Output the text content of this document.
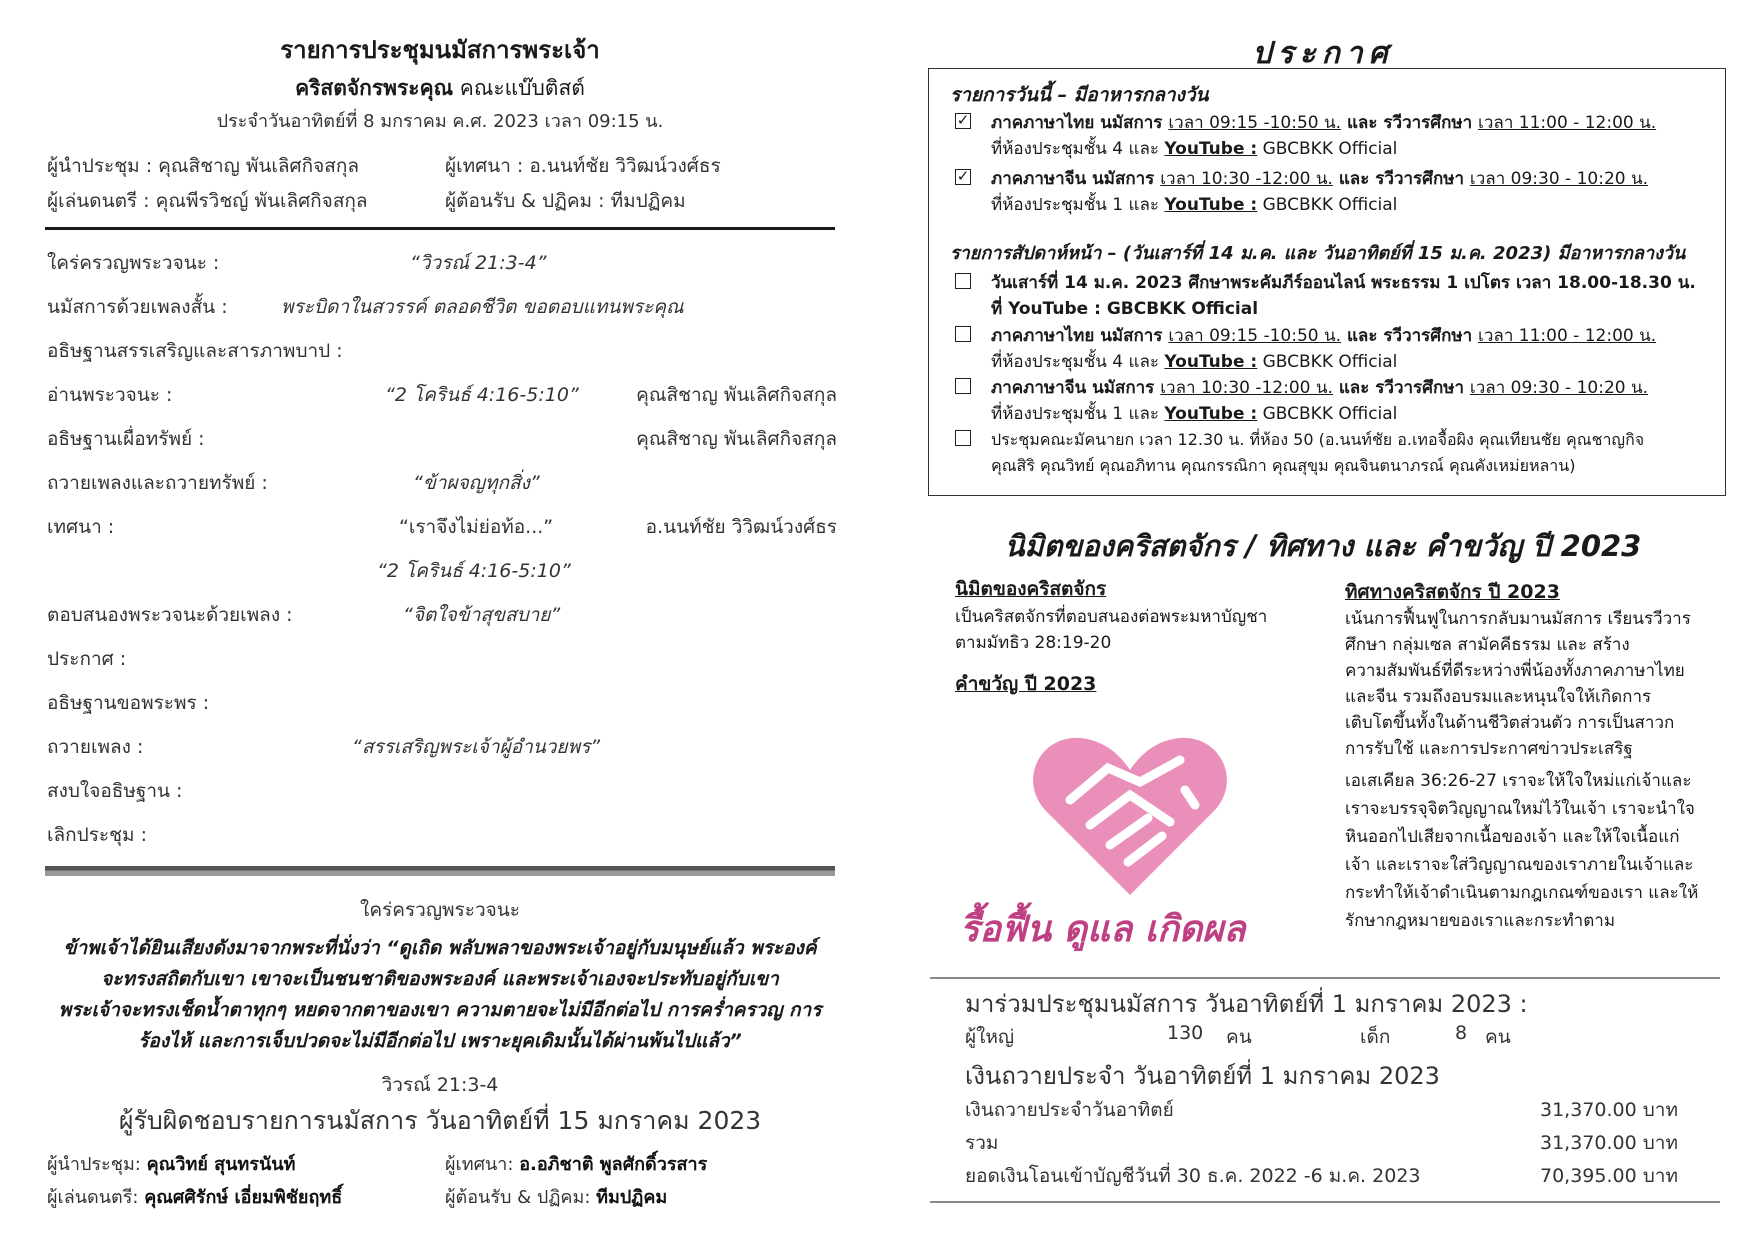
รายการประชุมนมัสการพระเจ้า
คริสตจักรพระคุณ คณะแบ๊บติสต์
ประจำวันอาทิตย์ที่ 8 มกราคม ค.ศ. 2023 เวลา 09:15 น.
ผู้นำประชุม : คุณสิชาญ พันเลิศกิจสกุล	ผู้เทศนา : อ.นนท์ชัย วิวิฒน์วงศ์ธร
ผู้เล่นดนตรี : คุณพีรวิชญ์ พันเลิศกิจสกุล	ผู้ต้อนรับ & ปฏิคม : ทีมปฏิคม
ใคร่ครวญพระวจนะ :	“วิวรณ์ 21:3-4”
นมัสการด้วยเพลงสั้น :	พระบิดาในสวรรค์ ตลอดชีวิต ขอตอบแทนพระคุณ
อธิษฐานสรรเสริญและสารภาพบาป :
อ่านพระวจนะ :	“2 โครินธ์ 4:16-5:10”	คุณสิชาญ พันเลิศกิจสกุล
อธิษฐานเผื่อทรัพย์ :	คุณสิชาญ พันเลิศกิจสกุล
ถวายเพลงและถวายทรัพย์ :	“ข้าผจญทุกสิ่ง”
เทศนา :	“เราจึงไม่ย่อท้อ...”	อ.นนท์ชัย วิวิฒน์วงศ์ธร
“2 โครินธ์ 4:16-5:10”
ตอบสนองพระวจนะด้วยเพลง :	“จิตใจข้าสุขสบาย”
ประกาศ :
อธิษฐานขอพระพร :
ถวายเพลง :	“สรรเสริญพระเจ้าผู้อำนวยพร”
สงบใจอธิษฐาน :
เลิกประชุม :
ใคร่ครวญพระวจนะ
ข้าพเจ้าได้ยินเสียงดังมาจากพระที่นั่งว่า “ดูเถิด พลับพลาของพระเจ้าอยู่กับมนุษย์แล้ว พระองค์
จะทรงสถิตกับเขา เขาจะเป็นชนชาติของพระองค์ และพระเจ้าเองจะประทับอยู่กับเขา
พระเจ้าจะทรงเช็ดน้ำตาทุกๆ หยดจากตาของเขา ความตายจะไม่มีอีกต่อไป การคร่ำครวญ การ
ร้องไห้ และการเจ็บปวดจะไม่มีอีกต่อไป เพราะยุคเดิมนั้นได้ผ่านพ้นไปแล้ว”
วิวรณ์ 21:3-4
ผู้รับผิดชอบรายการนมัสการ วันอาทิตย์ที่ 15 มกราคม 2023
ผู้นำประชุม: คุณวิทย์ สุนทรนันท์	ผู้เทศนา: อ.อภิชาติ พูลศักดิ์วรสาร
ผู้เล่นดนตรี: คุณศศิรักษ์ เอี่ยมพิชัยฤทธิ์	ผู้ต้อนรับ & ปฏิคม: ทีมปฏิคม
ประกาศ
รายการวันนี้ – มีอาหารกลางวัน
✓ ภาคภาษาไทย นมัสการ เวลา 09:15 -10:50 น. และ รวีวารศึกษา เวลา 11:00 - 12:00 น.
ที่ห้องประชุมชั้น 4 และ YouTube : GBCBKK Official
✓ ภาคภาษาจีน นมัสการ เวลา 10:30 -12:00 น. และ รวีวารศึกษา เวลา 09:30 - 10:20 น.
ที่ห้องประชุมชั้น 1 และ YouTube : GBCBKK Official
รายการสัปดาห์หน้า – (วันเสาร์ที่ 14 ม.ค. และ วันอาทิตย์ที่ 15 ม.ค. 2023) มีอาหารกลางวัน
วันเสาร์ที่ 14 ม.ค. 2023 ศึกษาพระคัมภีร์ออนไลน์ พระธรรม 1 เปโตร เวลา 18.00-18.30 น.
ที่ YouTube : GBCBKK Official
ภาคภาษาไทย นมัสการ เวลา 09:15 -10:50 น. และ รวีวารศึกษา เวลา 11:00 - 12:00 น.
ที่ห้องประชุมชั้น 4 และ YouTube : GBCBKK Official
ภาคภาษาจีน นมัสการ เวลา 10:30 -12:00 น. และ รวีวารศึกษา เวลา 09:30 - 10:20 น.
ที่ห้องประชุมชั้น 1 และ YouTube : GBCBKK Official
ประชุมคณะมัคนายก เวลา 12.30 น. ที่ห้อง 50 (อ.นนท์ชัย อ.เทอจื้อผิง คุณเทียนชัย คุณชาญกิจ
คุณสิริ คุณวิทย์ คุณอภิทาน คุณกรรณิกา คุณสุขุม คุณจินตนาภรณ์ คุณคังเหม่ยหลาน)
นิมิตของคริสตจักร / ทิศทาง และ คำขวัญ ปี 2023
นิมิตของคริสตจักร
เป็นคริสตจักรที่ตอบสนองต่อพระมหาบัญชา
ตามมัทธิว 28:19-20
คำขวัญ ปี 2023
รื้อฟื้น ดูแล เกิดผล
ทิศทางคริสตจักร ปี 2023
เน้นการฟื้นฟูในการกลับมานมัสการ เรียนรวีวาร
ศึกษา กลุ่มเซล สามัคคีธรรม และ สร้าง
ความสัมพันธ์ที่ดีระหว่างพี่น้องทั้งภาคภาษาไทย
และจีน รวมถึงอบรมและหนุนใจให้เกิดการ
เติบโตขึ้นทั้งในด้านชีวิตส่วนตัว การเป็นสาวก
การรับใช้ และการประกาศข่าวประเสริฐ
เอเสเคียล 36:26-27 เราจะให้ใจใหม่แก่เจ้าและ
เราจะบรรจุจิตวิญญาณใหม่ไว้ในเจ้า เราจะนำใจ
หินออกไปเสียจากเนื้อของเจ้า และให้ใจเนื้อแก่
เจ้า และเราจะใส่วิญญาณของเราภายในเจ้าและ
กระทำให้เจ้าดำเนินตามกฎเกณฑ์ของเรา และให้
รักษากฎหมายของเราและกระทำตาม
มาร่วมประชุมนมัสการ วันอาทิตย์ที่ 1 มกราคม 2023 :
ผู้ใหญ่	130 คน	เด็ก	8 คน
เงินถวายประจำ วันอาทิตย์ที่ 1 มกราคม 2023
เงินถวายประจำวันอาทิตย์	31,370.00 บาท
รวม	31,370.00 บาท
ยอดเงินโอนเข้าบัญชีวันที่ 30 ธ.ค. 2022 -6 ม.ค. 2023	70,395.00 บาท
